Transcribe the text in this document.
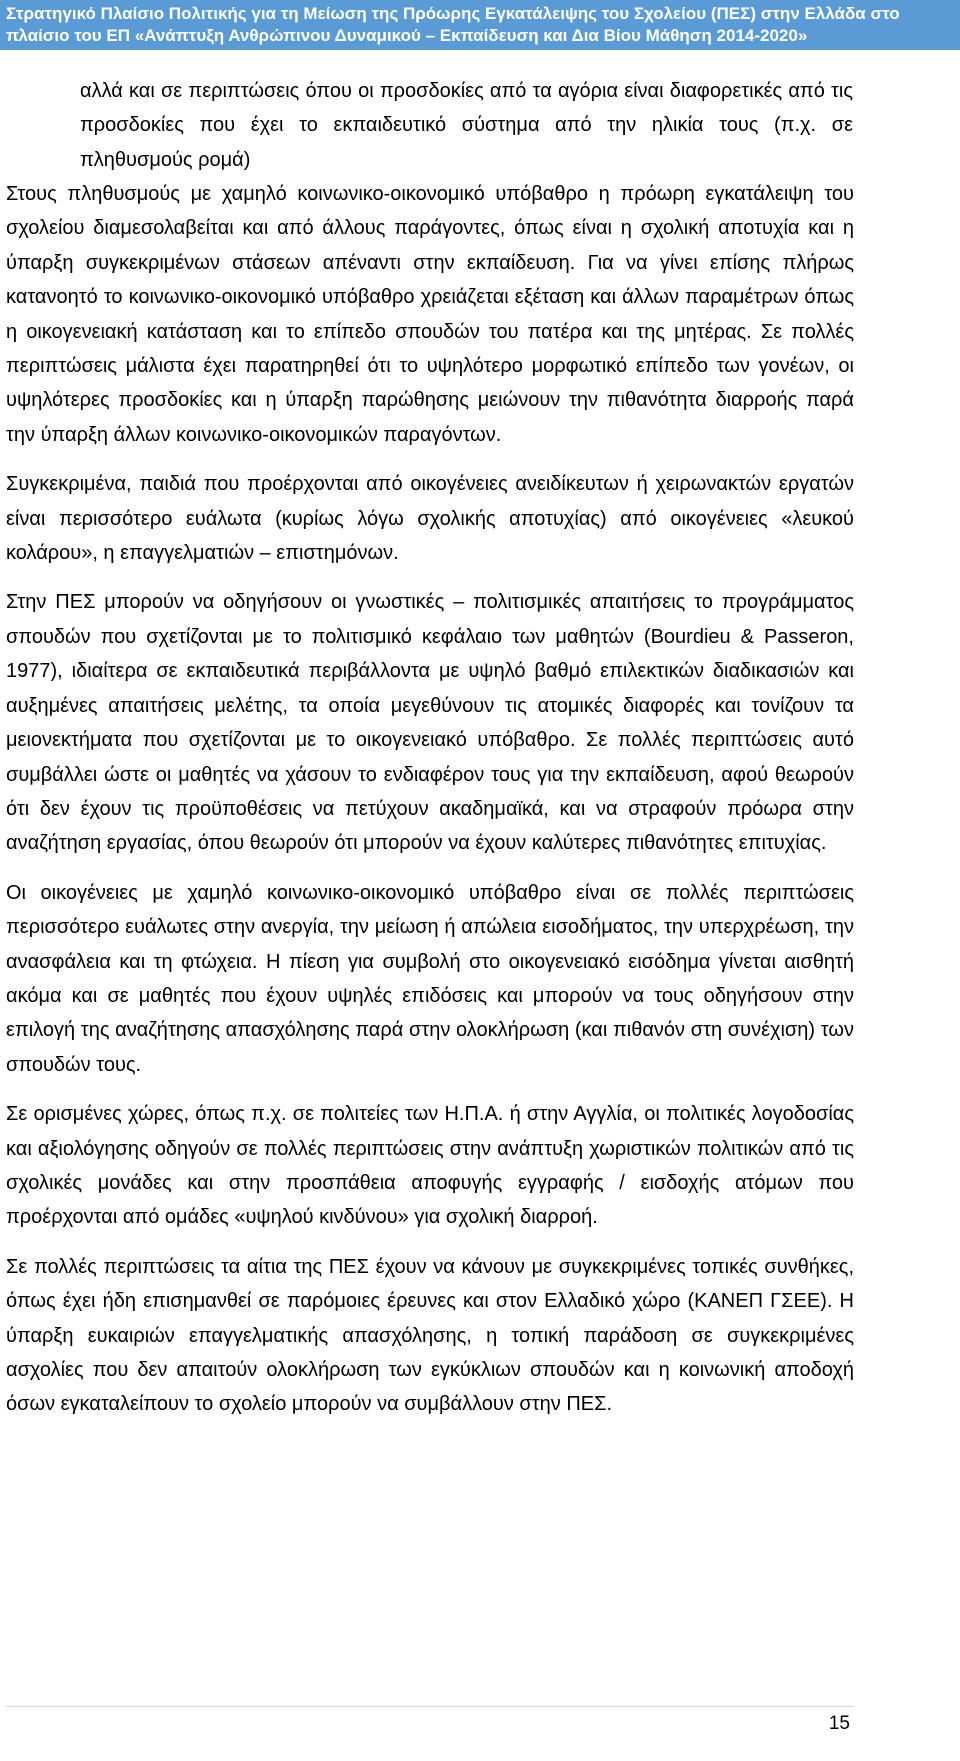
Στρατηγικό Πλαίσιο Πολιτικής για τη Μείωση της Πρόωρης Εγκατάλειψης του Σχολείου (ΠΕΣ) στην Ελλάδα στο
πλαίσιο του ΕΠ «Ανάπτυξη Ανθρώπινου Δυναμικού – Εκπαίδευση και Δια Βίου Μάθηση 2014-2020»
αλλά και σε περιπτώσεις όπου οι προσδοκίες από τα αγόρια είναι διαφορετικές από τις προσδοκίες που έχει το εκπαιδευτικό σύστημα από την ηλικία τους (π.χ. σε πληθυσμούς ρομά)

Στους πληθυσμούς με χαμηλό κοινωνικο-οικονομικό υπόβαθρο η πρόωρη εγκατάλειψη του σχολείου διαμεσολαβείται και από άλλους παράγοντες, όπως είναι η σχολική αποτυχία και η ύπαρξη συγκεκριμένων στάσεων απέναντι στην εκπαίδευση. Για να γίνει επίσης πλήρως κατανοητό το κοινωνικο-οικονομικό υπόβαθρο χρειάζεται εξέταση και άλλων παραμέτρων όπως η οικογενειακή κατάσταση και το επίπεδο σπουδών του πατέρα και της μητέρας. Σε πολλές περιπτώσεις μάλιστα έχει παρατηρηθεί ότι το υψηλότερο μορφωτικό επίπεδο των γονέων, οι υψηλότερες προσδοκίες και η ύπαρξη παρώθησης μειώνουν την πιθανότητα διαρροής παρά την ύπαρξη άλλων κοινωνικο-οικονομικών παραγόντων.

Συγκεκριμένα, παιδιά που προέρχονται από οικογένειες ανειδίκευτων ή χειρωνακτών εργατών είναι περισσότερο ευάλωτα (κυρίως λόγω σχολικής αποτυχίας) από οικογένειες «λευκού κολάρου», η επαγγελματιών – επιστημόνων.

Στην ΠΕΣ μπορούν να οδηγήσουν οι γνωστικές – πολιτισμικές απαιτήσεις το προγράμματος σπουδών που σχετίζονται με το πολιτισμικό κεφάλαιο των μαθητών (Bourdieu & Passeron, 1977), ιδιαίτερα σε εκπαιδευτικά περιβάλλοντα με υψηλό βαθμό επιλεκτικών διαδικασιών και αυξημένες απαιτήσεις μελέτης, τα οποία μεγεθύνουν τις ατομικές διαφορές και τονίζουν τα μειονεκτήματα που σχετίζονται με το οικογενειακό υπόβαθρο. Σε πολλές περιπτώσεις αυτό συμβάλλει ώστε οι μαθητές να χάσουν το ενδιαφέρον τους για την εκπαίδευση, αφού θεωρούν ότι δεν έχουν τις προϋποθέσεις να πετύχουν ακαδημαϊκά, και να στραφούν πρόωρα στην αναζήτηση εργασίας, όπου θεωρούν ότι μπορούν να έχουν καλύτερες πιθανότητες επιτυχίας.

Οι οικογένειες με χαμηλό κοινωνικο-οικονομικό υπόβαθρο είναι σε πολλές περιπτώσεις περισσότερο ευάλωτες στην ανεργία, την μείωση ή απώλεια εισοδήματος, την υπερχρέωση, την ανασφάλεια και τη φτώχεια. Η πίεση για συμβολή στο οικογενειακό εισόδημα γίνεται αισθητή ακόμα και σε μαθητές που έχουν υψηλές επιδόσεις και μπορούν να τους οδηγήσουν στην επιλογή της αναζήτησης απασχόλησης παρά στην ολοκλήρωση (και πιθανόν στη συνέχιση) των σπουδών τους.

Σε ορισμένες χώρες, όπως π.χ. σε πολιτείες των Η.Π.Α. ή στην Αγγλία, οι πολιτικές λογοδοσίας και αξιολόγησης οδηγούν σε πολλές περιπτώσεις στην ανάπτυξη χωριστικών πολιτικών από τις σχολικές μονάδες και στην προσπάθεια αποφυγής εγγραφής / εισδοχής ατόμων που προέρχονται από ομάδες «υψηλού κινδύνου» για σχολική διαρροή.

Σε πολλές περιπτώσεις τα αίτια της ΠΕΣ έχουν να κάνουν με συγκεκριμένες τοπικές συνθήκες, όπως έχει ήδη επισημανθεί σε παρόμοιες έρευνες και στον Ελλαδικό χώρο (ΚΑΝΕΠ ΓΣΕΕ). Η ύπαρξη ευκαιριών επαγγελματικής απασχόλησης, η τοπική παράδοση σε συγκεκριμένες ασχολίες που δεν απαιτούν ολοκλήρωση των εγκύκλιων σπουδών και η κοινωνική αποδοχή όσων εγκαταλείπουν το σχολείο μπορούν να συμβάλλουν στην ΠΕΣ.

15
